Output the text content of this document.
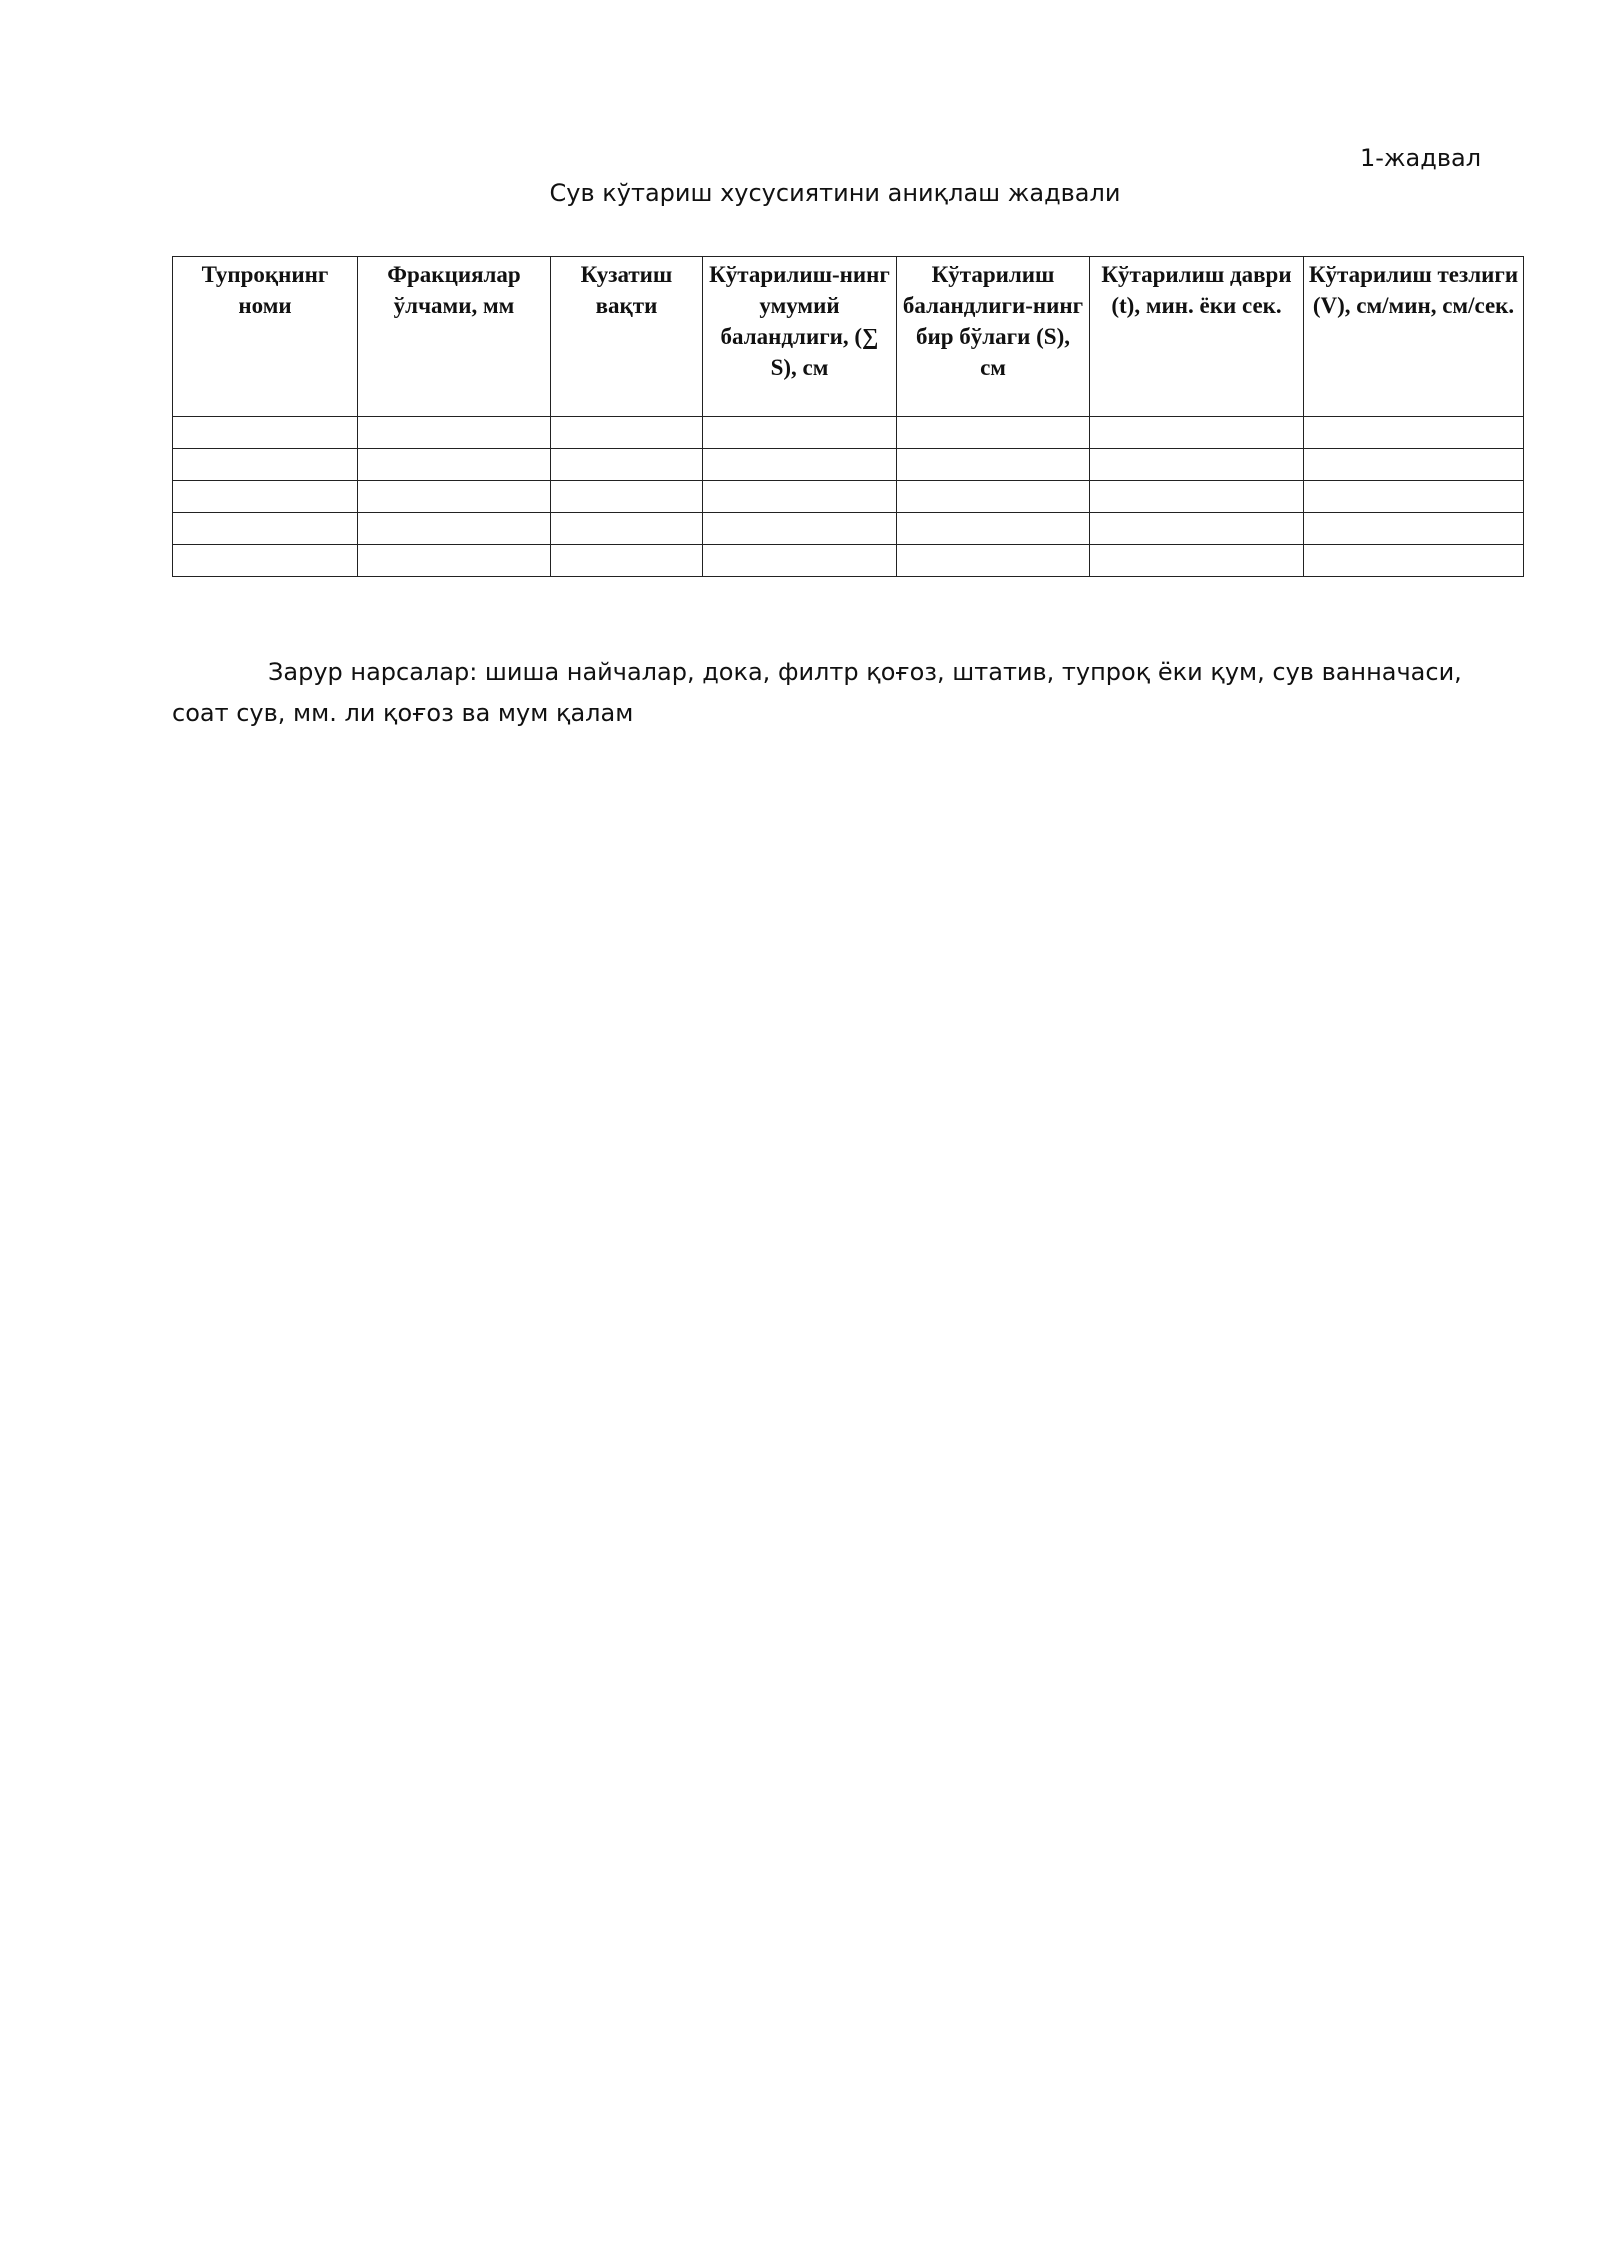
1-жадвал
Сув кўтариш хусусиятини аниқлаш жадвали
Тупроқнинг номи	Фракциялар ўлчами, мм	Кузатиш вақти	Кўтарилиш-нинг умумий баландлиги, (∑ S), см	Кўтарилиш баландлиги-нинг бир бўлаги (S), см	Кўтарилиш даври (t), мин. ёки сек.	Кўтарилиш тезлиги (V), см/мин, см/сек.

Зарур нарсалар: шиша найчалар, дока, филтр қоғоз, штатив, тупроқ ёки қум, сув ванначаси, соат сув, мм. ли қоғоз ва мум қалам
